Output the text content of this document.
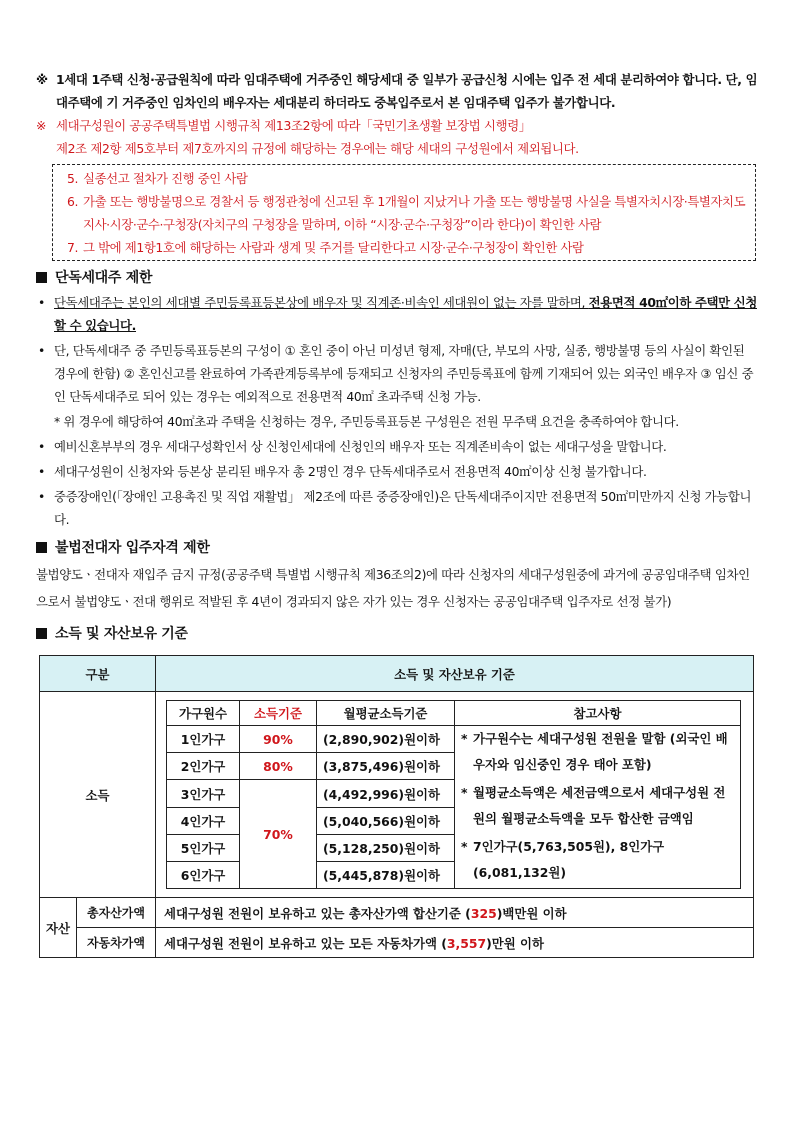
※ 1세대 1주택 신청·공급원칙에 따라 임대주택에 거주중인 해당세대 중 일부가 공급신청 시에는 입주 전 세대 분리하여야 합니다. 단, 임대주택에 기 거주중인 임차인의 배우자는 세대분리 하더라도 중복입주로서 본 임대주택 입주가 불가합니다.
※ 세대구성원이 공공주택특별법 시행규칙 제13조2항에 따라「국민기초생활 보장법 시행령」
제2조 제2항 제5호부터 제7호까지의 규정에 해당하는 경우에는 해당 세대의 구성원에서 제외됩니다.
5. 실종선고 절차가 진행 중인 사람
6. 가출 또는 행방불명으로 경찰서 등 행정관청에 신고된 후 1개월이 지났거나 가출 또는 행방불명 사실을 특별자치시장·특별자치도지사·시장·군수·구청장(자치구의 구청장을 말하며, 이하 “시장·군수·구청장”이라 한다)이 확인한 사람
7. 그 밖에 제1항1호에 해당하는 사람과 생계 및 주거를 달리한다고 시장·군수·구청장이 확인한 사람
단독세대주 제한
• 단독세대주는 본인의 세대별 주민등록표등본상에 배우자 및 직계존·비속인 세대원이 없는 자를 말하며, 전용면적 40㎡이하 주택만 신청할 수 있습니다.
• 단, 단독세대주 중 주민등록표등본의 구성이 ① 혼인 중이 아닌 미성년 형제, 자매(단, 부모의 사망, 실종, 행방불명 등의 사실이 확인된 경우에 한함) ② 혼인신고를 완료하여 가족관계등록부에 등재되고 신청자의 주민등록표에 함께 기재되어 있는 외국인 배우자 ③ 임신 중인 단독세대주로 되어 있는 경우는 예외적으로 전용면적 40㎡ 초과주택 신청 가능.
* 위 경우에 해당하여 40㎡초과 주택을 신청하는 경우, 주민등록표등본 구성원은 전원 무주택 요건을 충족하여야 합니다.
• 예비신혼부부의 경우 세대구성확인서 상 신청인세대에 신청인의 배우자 또는 직계존비속이 없는 세대구성을 말합니다.
• 세대구성원이 신청자와 등본상 분리된 배우자 총 2명인 경우 단독세대주로서 전용면적 40㎡이상 신청 불가합니다.
• 중증장애인(「장애인 고용촉진 및 직업 재활법」 제2조에 따른 중증장애인)은 단독세대주이지만 전용면적 50㎡미만까지 신청 가능합니다.
불법전대자 입주자격 제한
불법양도ㆍ전대자 재입주 금지 규정(공공주택 특별법 시행규칙 제36조의2)에 따라 신청자의 세대구성원중에 과거에 공공임대주택 임차인으로서 불법양도ㆍ전대 행위로 적발된 후 4년이 경과되지 않은 자가 있는 경우 신청자는 공공임대주택 입주자로 선정 불가)
소득 및 자산보유 기준
구분	소득 및 자산보유 기준
소득	
가구원수	소득기준	월평균소득기준	참고사항
1인가구	90%	(2,890,902)원이하	* 가구원수는 세대구성원 전원을 말함 (외국인 배우자와 임신중인 경우 태아 포함)
* 월평균소득액은 세전금액으로서 세대구성원 전원의 월평균소득액을 모두 합산한 금액임
* 7인가구(5,763,505원), 8인가구(6,081,132원)

2인가구	80%	(3,875,496)원이하
3인가구	70%	(4,492,996)원이하
4인가구	(5,040,566)원이하
5인가구	(5,128,250)원이하
6인가구	(5,445,878)원이하

자산	총자산가액	세대구성원 전원이 보유하고 있는 총자산가액 합산기준 (325)백만원 이하
자동차가액	세대구성원 전원이 보유하고 있는 모든 자동차가액 (3,557)만원 이하
